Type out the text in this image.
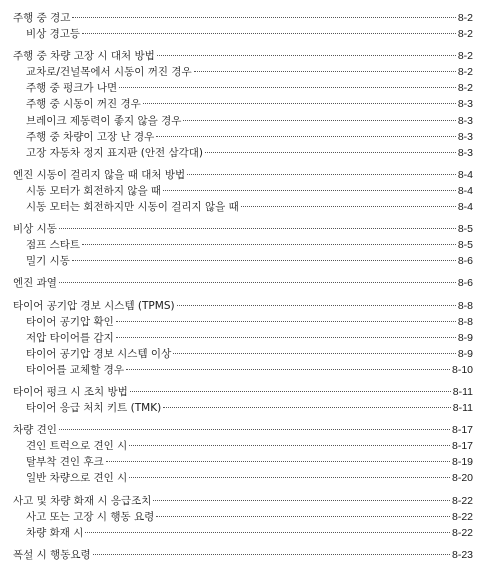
주행 중 경고	8-2
비상 경고등	8-2
주행 중 차량 고장 시 대처 방법	8-2
교차로/건널목에서 시동이 꺼진 경우	8-2
주행 중 펑크가 나면	8-2
주행 중 시동이 꺼진 경우	8-3
브레이크 제동력이 좋지 않을 경우	8-3
주행 중 차량이 고장 난 경우	8-3
고장 자동차 정지 표지판 (안전 삼각대)	8-3
엔진 시동이 걸리지 않을 때 대처 방법	8-4
시동 모터가 회전하지 않을 때	8-4
시동 모터는 회전하지만 시동이 걸리지 않을 때	8-4
비상 시동	8-5
점프 스타트	8-5
밀기 시동	8-6
엔진 과열	8-6
타이어 공기압 경보 시스템 (TPMS)	8-8
타이어 공기압 확인	8-8
저압 타이어를 감지	8-9
타이어 공기압 경보 시스템 이상	8-9
타이어를 교체할 경우	8-10
타이어 펑크 시 조치 방법	8-11
타이어 응급 처치 키트 (TMK)	8-11
차량 견인	8-17
견인 트럭으로 견인 시	8-17
탈부착 견인 후크	8-19
일반 차량으로 견인 시	8-20
사고 및 차량 화재 시 응급조치	8-22
사고 또는 고장 시 행동 요령	8-22
차량 화재 시	8-22
폭설 시 행동요령	8-23
